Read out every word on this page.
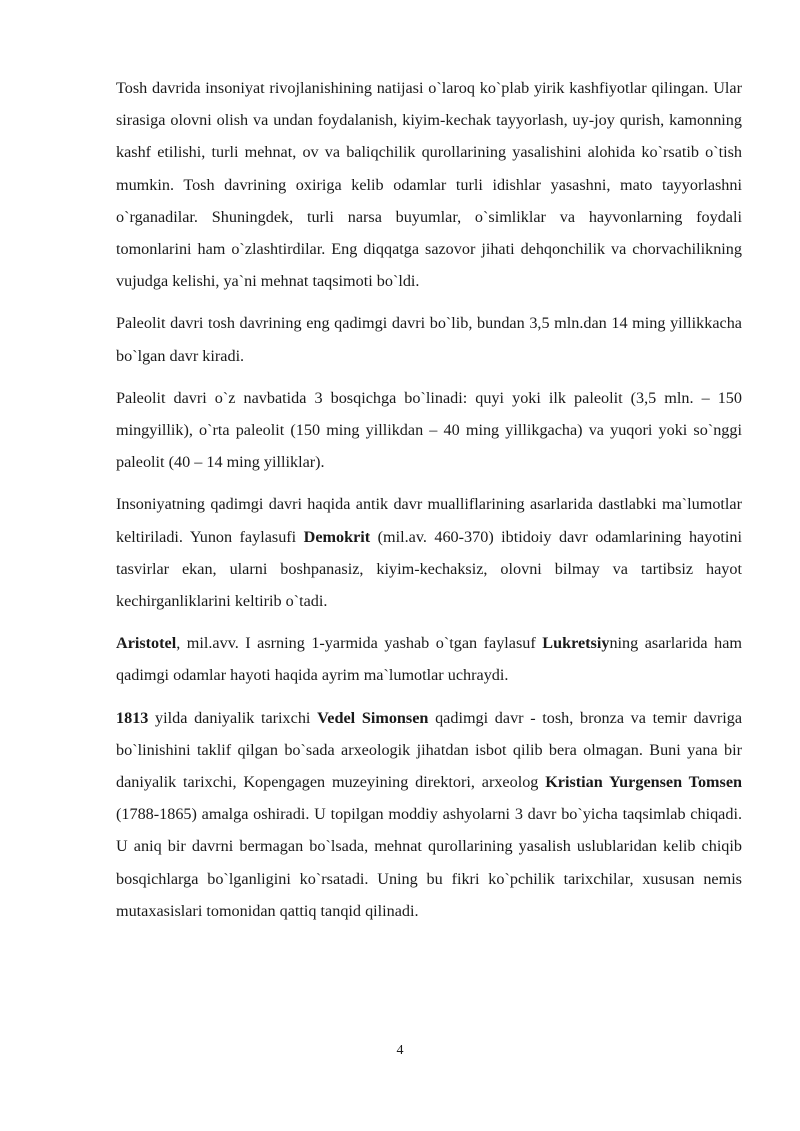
Tosh davrida insoniyat rivojlanishining natijasi o`laroq ko`plab yirik kashfiyotlar qilingan. Ular sirasiga olovni olish va undan foydalanish, kiyim-kechak tayyorlash, uy-joy qurish, kamonning kashf etilishi, turli mehnat, ov va baliqchilik qurollarining yasalishini alohida ko`rsatib o`tish mumkin. Tosh davrining oxiriga kelib odamlar turli idishlar yasashni, mato tayyorlashni o`rganadilar. Shuningdek, turli narsa buyumlar, o`simliklar va hayvonlarning foydali tomonlarini ham o`zlashtirdilar. Eng diqqatga sazovor jihati dehqonchilik va chorvachilikning vujudga kelishi, ya`ni mehnat taqsimoti bo`ldi.

Paleolit davri tosh davrining eng qadimgi davri bo`lib, bundan 3,5 mln.dan 14 ming yillikkacha bo`lgan davr kiradi.

Paleolit davri o`z navbatida 3 bosqichga bo`linadi: quyi yoki ilk paleolit (3,5 mln. – 150 mingyillik), o`rta paleolit (150 ming yillikdan – 40 ming yillikgacha) va yuqori yoki so`nggi paleolit (40 – 14 ming yilliklar).

Insoniyatning qadimgi davri haqida antik davr mualliflarining asarlarida dastlabki ma`lumotlar keltiriladi. Yunon faylasufi Demokrit (mil.av. 460-370) ibtidoiy davr odamlarining hayotini tasvirlar ekan, ularni boshpanasiz, kiyim-kechaksiz, olovni bilmay va tartibsiz hayot kechirganliklarini keltirib o`tadi.

Aristotel, mil.avv. I asrning 1-yarmida yashab o`tgan faylasuf Lukretsiyning asarlarida ham qadimgi odamlar hayoti haqida ayrim ma`lumotlar uchraydi.

1813 yilda daniyalik tarixchi Vedel Simonsen qadimgi davr - tosh, bronza va temir davriga bo`linishini taklif qilgan bo`sada arxeologik jihatdan isbot qilib bera olmagan. Buni yana bir daniyalik tarixchi, Kopengagen muzeyining direktori, arxeolog Kristian Yurgensen Tomsen (1788-1865) amalga oshiradi. U topilgan moddiy ashyolarni 3 davr bo`yicha taqsimlab chiqadi. U aniq bir davrni bermagan bo`lsada, mehnat qurollarining yasalish uslublaridan kelib chiqib bosqichlarga bo`lganligini ko`rsatadi. Uning bu fikri ko`pchilik tarixchilar, xususan nemis mutaxasislari tomonidan qattiq tanqid qilinadi.

4
